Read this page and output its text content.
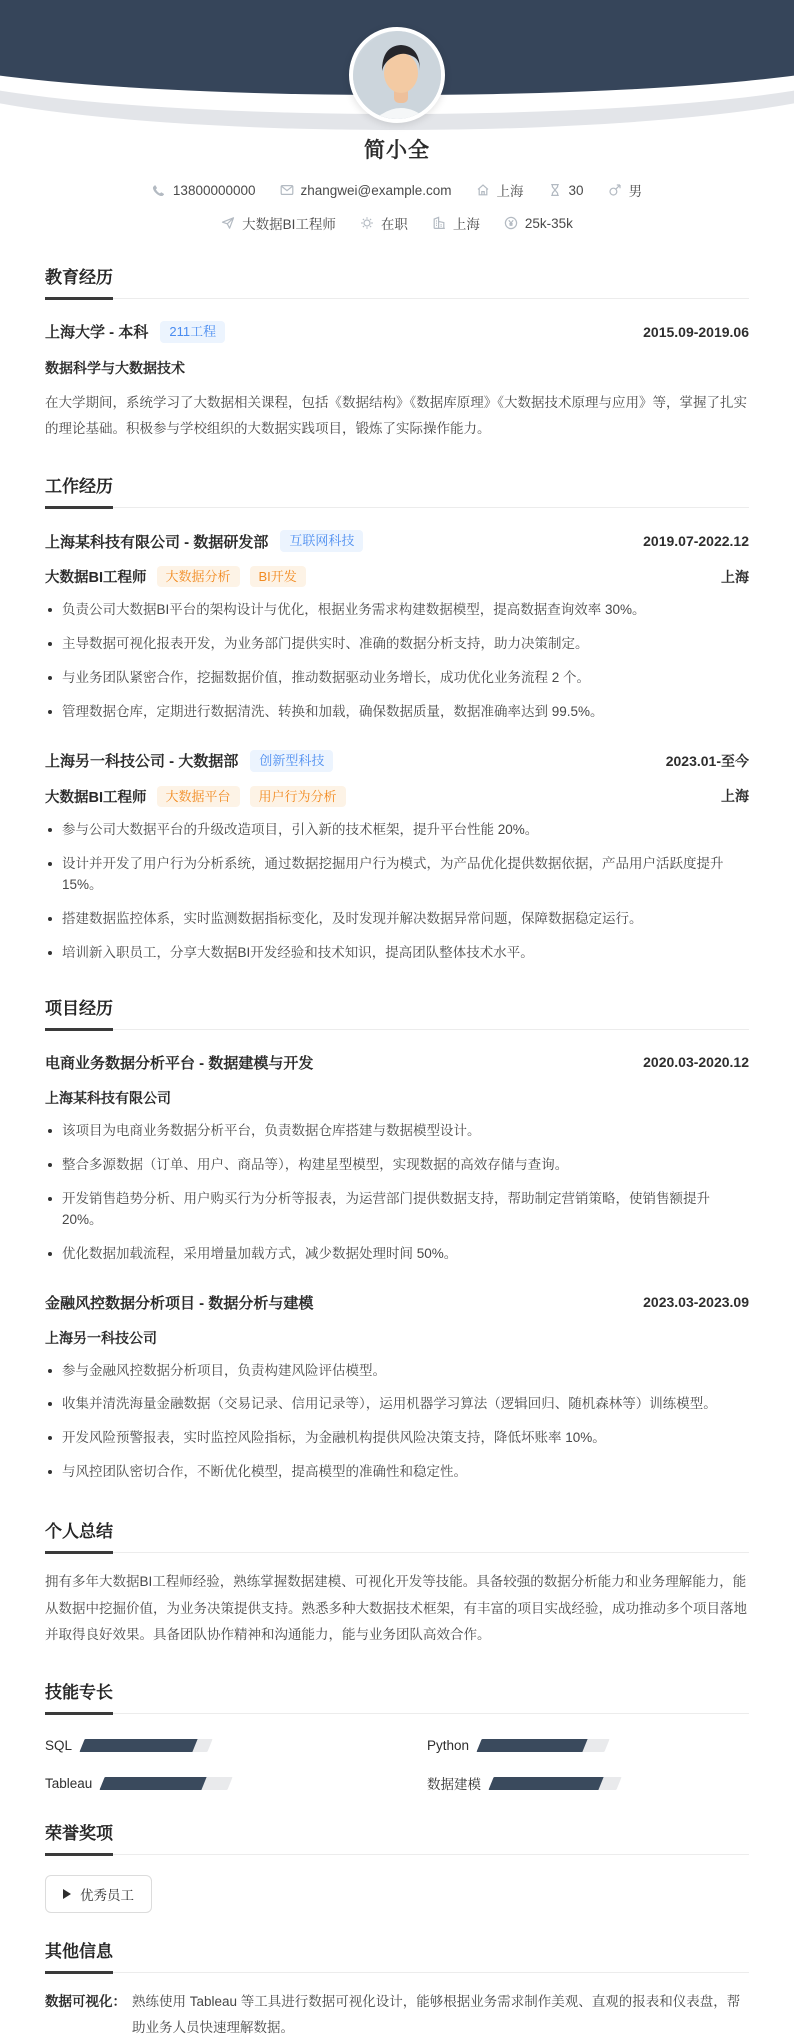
简小全
13800000000	zhangwei@example.com	上海	30	男
大数据BI工程师	在职	上海	25k-35k
教育经历
上海大学 - 本科	211工程	2015.09-2019.06
数据科学与大数据技术
在大学期间，系统学习了大数据相关课程，包括《数据结构》《数据库原理》《大数据技术原理与应用》等，掌握了扎实的理论基础。积极参与学校组织的大数据实践项目，锻炼了实际操作能力。
工作经历
上海某科技有限公司 - 数据研发部	互联网科技	2019.07-2022.12
大数据BI工程师	大数据分析	BI开发	上海
负责公司大数据BI平台的架构设计与优化，根据业务需求构建数据模型，提高数据查询效率 30%。
主导数据可视化报表开发，为业务部门提供实时、准确的数据分析支持，助力决策制定。
与业务团队紧密合作，挖掘数据价值，推动数据驱动业务增长，成功优化业务流程 2 个。
管理数据仓库，定期进行数据清洗、转换和加载，确保数据质量，数据准确率达到 99.5%。
上海另一科技公司 - 大数据部	创新型科技	2023.01-至今
大数据BI工程师	大数据平台	用户行为分析	上海
参与公司大数据平台的升级改造项目，引入新的技术框架，提升平台性能 20%。
设计并开发了用户行为分析系统，通过数据挖掘用户行为模式，为产品优化提供数据依据，产品用户活跃度提升 15%。
搭建数据监控体系，实时监测数据指标变化，及时发现并解决数据异常问题，保障数据稳定运行。
培训新入职员工，分享大数据BI开发经验和技术知识，提高团队整体技术水平。
项目经历
电商业务数据分析平台 - 数据建模与开发	2020.03-2020.12
上海某科技有限公司
该项目为电商业务数据分析平台，负责数据仓库搭建与数据模型设计。
整合多源数据（订单、用户、商品等），构建星型模型，实现数据的高效存储与查询。
开发销售趋势分析、用户购买行为分析等报表，为运营部门提供数据支持，帮助制定营销策略，使销售额提升 20%。
优化数据加载流程，采用增量加载方式，减少数据处理时间 50%。
金融风控数据分析项目 - 数据分析与建模	2023.03-2023.09
上海另一科技公司
参与金融风控数据分析项目，负责构建风险评估模型。
收集并清洗海量金融数据（交易记录、信用记录等），运用机器学习算法（逻辑回归、随机森林等）训练模型。
开发风险预警报表，实时监控风险指标，为金融机构提供风险决策支持，降低坏账率 10%。
与风控团队密切合作，不断优化模型，提高模型的准确性和稳定性。
个人总结
拥有多年大数据BI工程师经验，熟练掌握数据建模、可视化开发等技能。具备较强的数据分析能力和业务理解能力，能从数据中挖掘价值，为业务决策提供支持。熟悉多种大数据技术框架，有丰富的项目实战经验，成功推动多个项目落地并取得良好效果。具备团队协作精神和沟通能力，能与业务团队高效合作。
技能专长
SQL	Python
Tableau	数据建模
荣誉奖项
优秀员工
其他信息
数据可视化： 熟练使用 Tableau 等工具进行数据可视化设计，能够根据业务需求制作美观、直观的报表和仪表盘，帮助业务人员快速理解数据。
